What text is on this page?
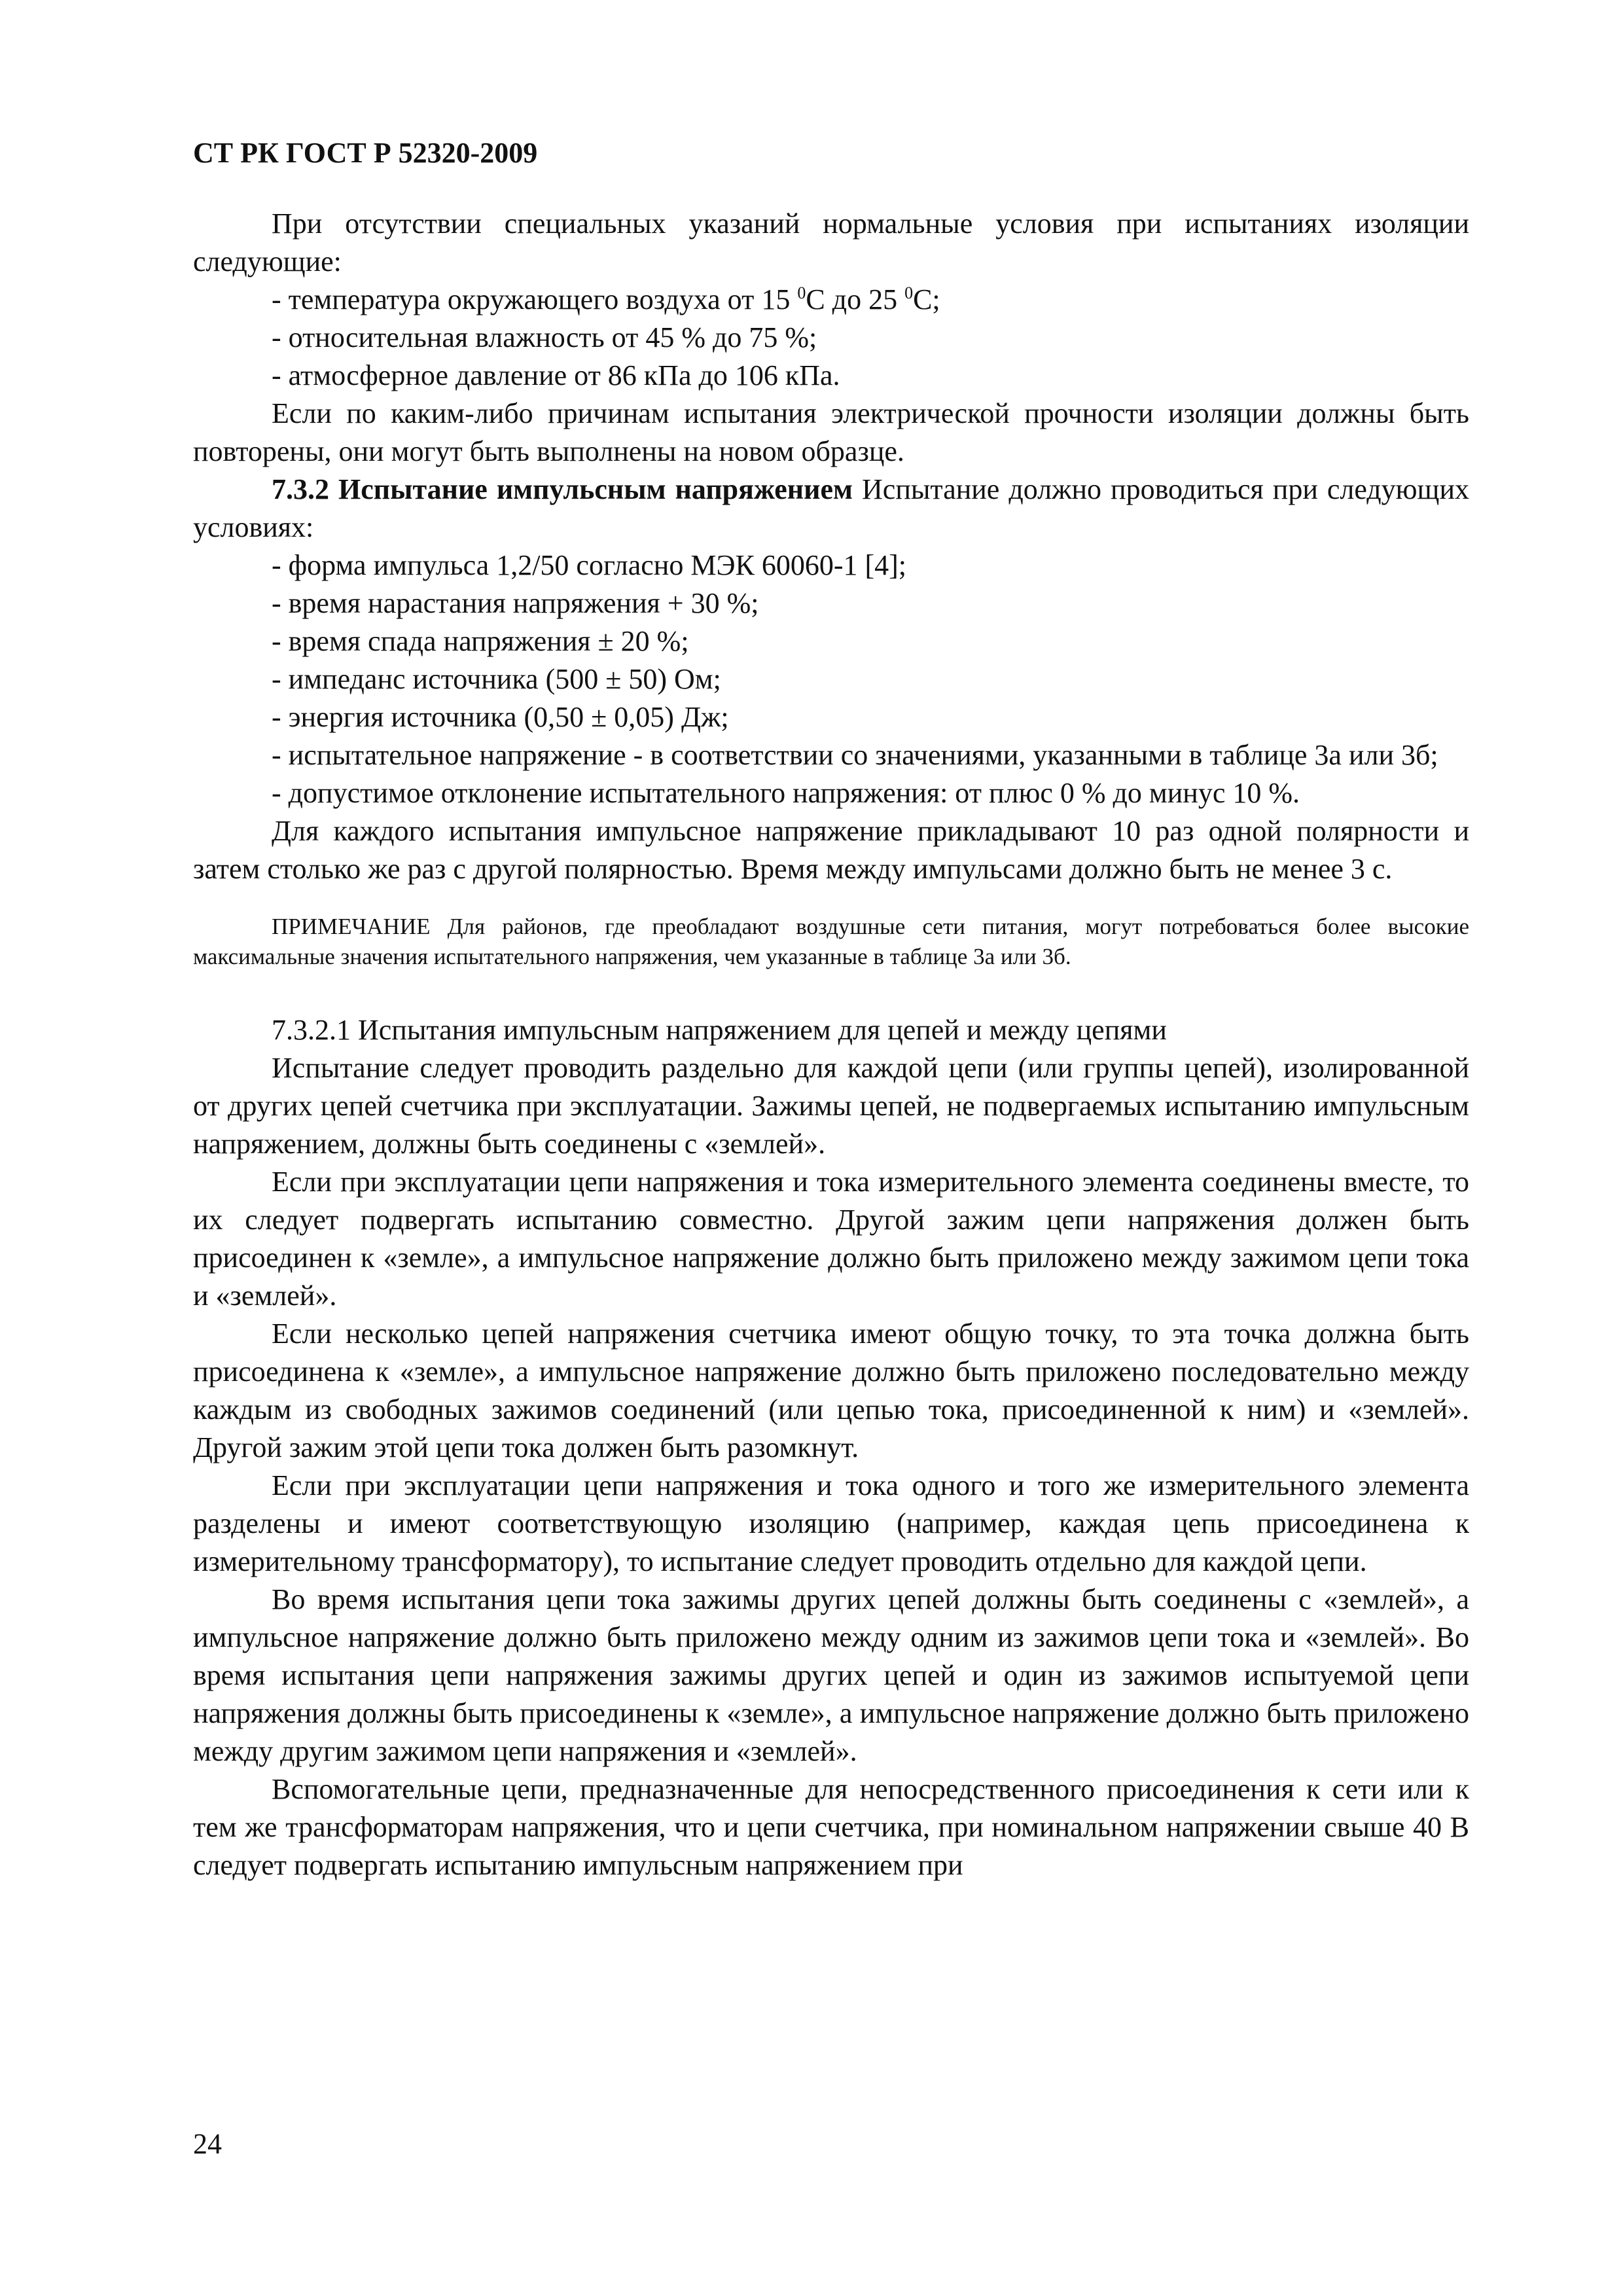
СТ РК ГОСТ Р 52320-2009

При отсутствии специальных указаний нормальные условия при испытаниях изоляции следующие:

- температура окружающего воздуха от 15 $^0$С до 25 $^0$С;

- относительная влажность от 45 % до 75 %;

- атмосферное давление от 86 кПа до 106 кПа.

Если по каким-либо причинам испытания электрической прочности изоляции должны быть повторены, они могут быть выполнены на новом образце.

7.3.2 Испытание импульсным напряжением Испытание должно проводиться при следующих условиях:

- форма импульса 1,2/50 согласно МЭК 60060-1 [4];

- время нарастания напряжения + 30 %;

- время спада напряжения ± 20 %;

- импеданс источника (500 ± 50) Ом;

- энергия источника (0,50 ± 0,05) Дж;

- испытательное напряжение - в соответствии со значениями, указанными в таблице 3а или 3б;

- допустимое отклонение испытательного напряжения: от плюс 0 % до минус 10 %.

Для каждого испытания импульсное напряжение прикладывают 10 раз одной полярности и затем столько же раз с другой полярностью. Время между импульсами должно быть не менее 3 с.

ПРИМЕЧАНИЕ Для районов, где преобладают воздушные сети питания, могут потребоваться более высокие максимальные значения испытательного напряжения, чем указанные в таблице 3а или 3б.

7.3.2.1 Испытания импульсным напряжением для цепей и между цепями

Испытание следует проводить раздельно для каждой цепи (или группы цепей), изолированной от других цепей счетчика при эксплуатации. Зажимы цепей, не подвергаемых испытанию импульсным напряжением, должны быть соединены с «землей».

Если при эксплуатации цепи напряжения и тока измерительного элемента соединены вместе, то их следует подвергать испытанию совместно. Другой зажим цепи напряжения должен быть присоединен к «земле», а импульсное напряжение должно быть приложено между зажимом цепи тока и «землей».

Если несколько цепей напряжения счетчика имеют общую точку, то эта точка должна быть присоединена к «земле», а импульсное напряжение должно быть приложено последовательно между каждым из свободных зажимов соединений (или цепью тока, присоединенной к ним) и «землей». Другой зажим этой цепи тока должен быть разомкнут.

Если при эксплуатации цепи напряжения и тока одного и того же измерительного элемента разделены и имеют соответствующую изоляцию (например, каждая цепь присоединена к измерительному трансформатору), то испытание следует проводить отдельно для каждой цепи.

Во время испытания цепи тока зажимы других цепей должны быть соединены с «землей», а импульсное напряжение должно быть приложено между одним из зажимов цепи тока и «землей». Во время испытания цепи напряжения зажимы других цепей и один из зажимов испытуемой цепи напряжения должны быть присоединены к «земле», а импульсное напряжение должно быть приложено между другим зажимом цепи напряжения и «землей».

Вспомогательные цепи, предназначенные для непосредственного присоединения к сети или к тем же трансформаторам напряжения, что и цепи счетчика, при номинальном напряжении свыше 40 В следует подвергать испытанию импульсным напряжением при

24
